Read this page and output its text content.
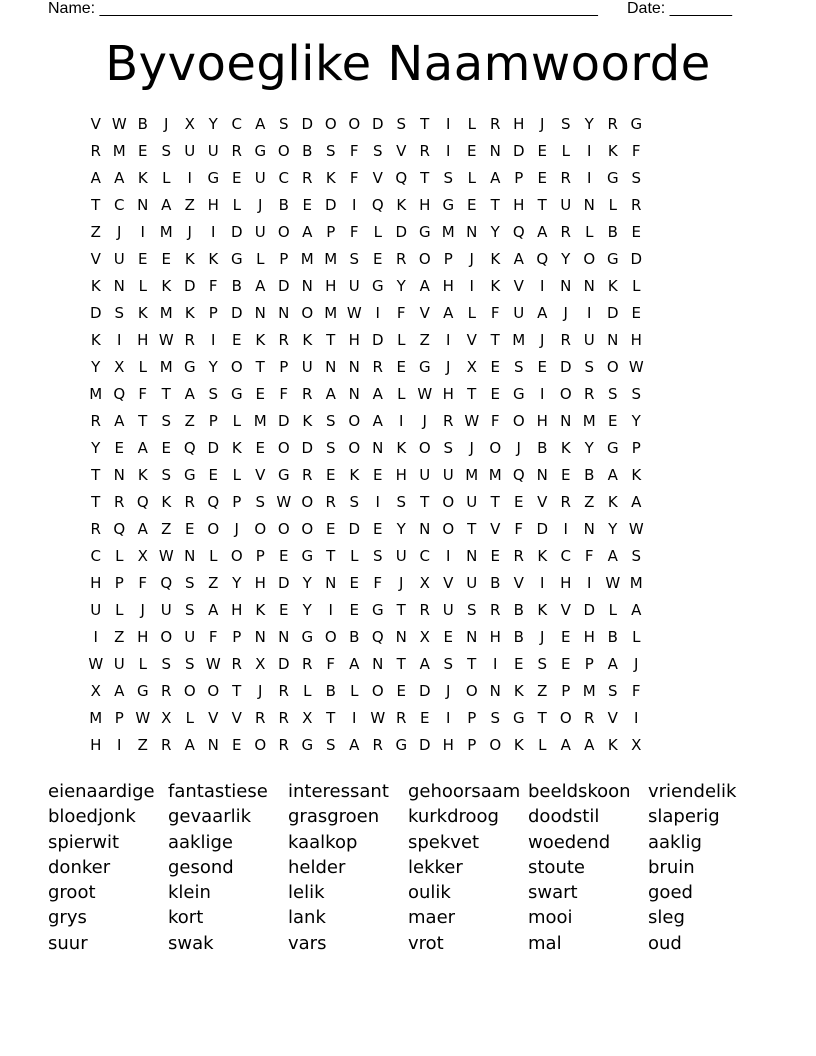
Name: ________________________________________________________ Date: _______
Byvoeglike Naamwoorde
V W B	J	X Y C A S D O O D S T	I	L R H	J	S Y R G
R M E S U U R G O B S F S V R	I	E N D E L	I	K F
A A K L	I	G E U C R K F V Q T S L A P E R	I	G S
T C N A Z H L	J	B E D	I	Q K H G E T H T U N L R
Z	J	I M J	I	D U O A P F	L D G M N Y Q A R L B E
V U E E K K G L P M M S E R O P	J	K A Q Y O G D
K N L K D F B A D N H U G Y A H	I	K V	I	N N K L
D S K M K P D N N O M W I	F V A L	F U A	J	I	D E
K	I	H W R	I	E K R K T H D L Z	I	V T M J	R U N H
Y X L M G Y O T P U N N R E G	J	X E S E D S O W
M Q F T A S G E F R A N A L W H T E G	I	O R S S
R A T S Z P L M D K S O A	I	J	R W F O H N M E Y
Y E A E Q D K E O D S O N K O S	J	O	J	B K Y G P
T N K S G E L V G R E K E H U U M M Q N E B A K
T R Q K R Q P S W O R S	I	S T O U T E V R Z K A
R Q A Z E O	J	O O O E D E Y N O T V F D	I	N Y W
C L X W N L O P E G T L S U C	I	N E R K C F A S
H P F Q S Z Y H D Y N E F	J	X V U B V	I	H	I W M
U L	J	U S A H K E Y	I	E G T R U S R B K V D L A
I	Z H O U F P N N G O B Q N X E N H B	J	E H B L
W U L S S W R X D R F A N T A S T	I	E S E P A	J
X A G R O O T	J	R L B L O E D	J	O N K Z P M S F
M P W X L V V R R X T	I W R E	I	P S G T O R V	I
H	I	Z R A N E O R G S A R G D H P O K L A A K X
eienaardige fantastiese	interessant	gehoorsaam beeldskoon vriendelik
bloedjonk	gevaarlik	grasgroen	kurkdroog	doodstil	slaperig
spierwit	aaklige	kaalkop	spekvet	woedend	aaklig
donker	gesond	helder	lekker	stoute	bruin
groot	klein	lelik	oulik	swart	goed
grys	kort	lank	maer	mooi	sleg
suur	swak	vars	vrot	mal	oud
